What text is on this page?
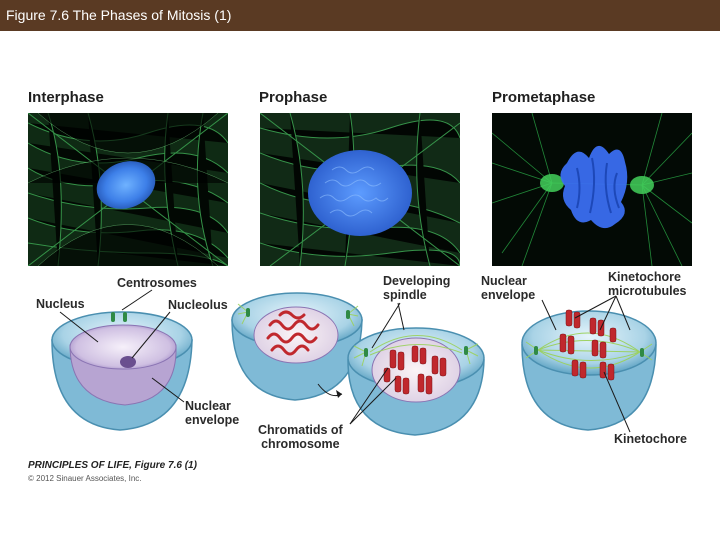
Figure 7.6 The Phases of Mitosis (1)
Interphase	Prophase	Prometaphase
Centrosomes
Nucleus	Nucleolus
Nuclear
envelope
Developing
spindle
Nuclear
envelope
Kinetochore
microtubules
Chromatids of
chromosome	Kinetochore
PRINCIPLES OF LIFE, Figure 7.6 (1)
© 2012 Sinauer Associates, Inc.
